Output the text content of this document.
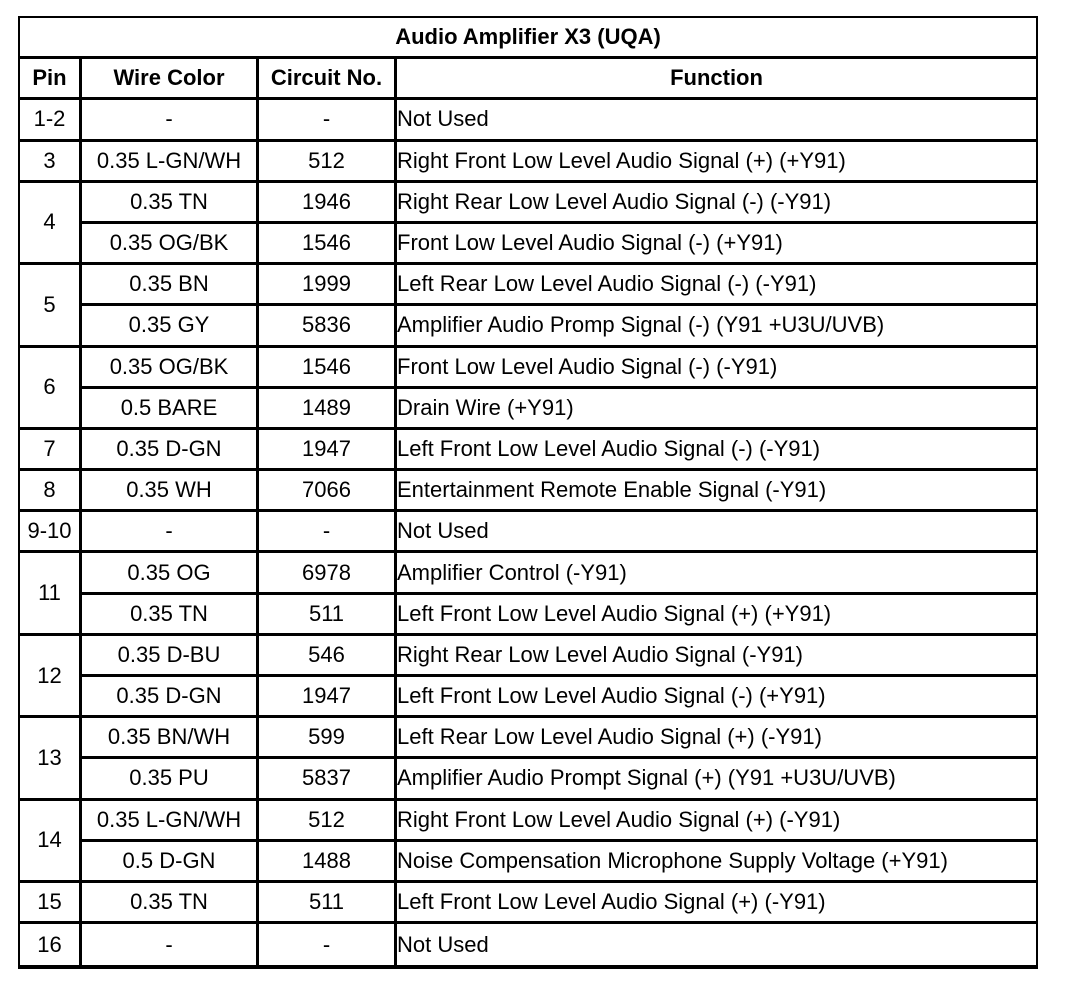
Audio Amplifier X3 (UQA)			
Pin	Wire Color	Circuit No.	Function
1-2	-	-	Not Used
3	0.35 L-GN/WH	512	Right Front Low Level Audio Signal (+) (+Y91)
4	0.35 TN	1946	Right Rear Low Level Audio Signal (-) (-Y91)
	0.35 OG/BK	1546	Front Low Level Audio Signal (-) (+Y91)
5	0.35 BN	1999	Left Rear Low Level Audio Signal (-) (-Y91)
	0.35 GY	5836	Amplifier Audio Promp Signal (-) (Y91 +U3U/UVB)
6	0.35 OG/BK	1546	Front Low Level Audio Signal (-) (-Y91)
	0.5 BARE	1489	Drain Wire (+Y91)
7	0.35 D-GN	1947	Left Front Low Level Audio Signal (-) (-Y91)
8	0.35 WH	7066	Entertainment Remote Enable Signal (-Y91)
9-10	-	-	Not Used
11	0.35 OG	6978	Amplifier Control (-Y91)
	0.35 TN	511	Left Front Low Level Audio Signal (+) (+Y91)
12	0.35 D-BU	546	Right Rear Low Level Audio Signal (-Y91)
	0.35 D-GN	1947	Left Front Low Level Audio Signal (-) (+Y91)
13	0.35 BN/WH	599	Left Rear Low Level Audio Signal (+) (-Y91)
	0.35 PU	5837	Amplifier Audio Prompt Signal (+) (Y91 +U3U/UVB)
14	0.35 L-GN/WH	512	Right Front Low Level Audio Signal (+) (-Y91)
	0.5 D-GN	1488	Noise Compensation Microphone Supply Voltage (+Y91)
15	0.35 TN	511	Left Front Low Level Audio Signal (+) (-Y91)
16	-	-	Not Used
